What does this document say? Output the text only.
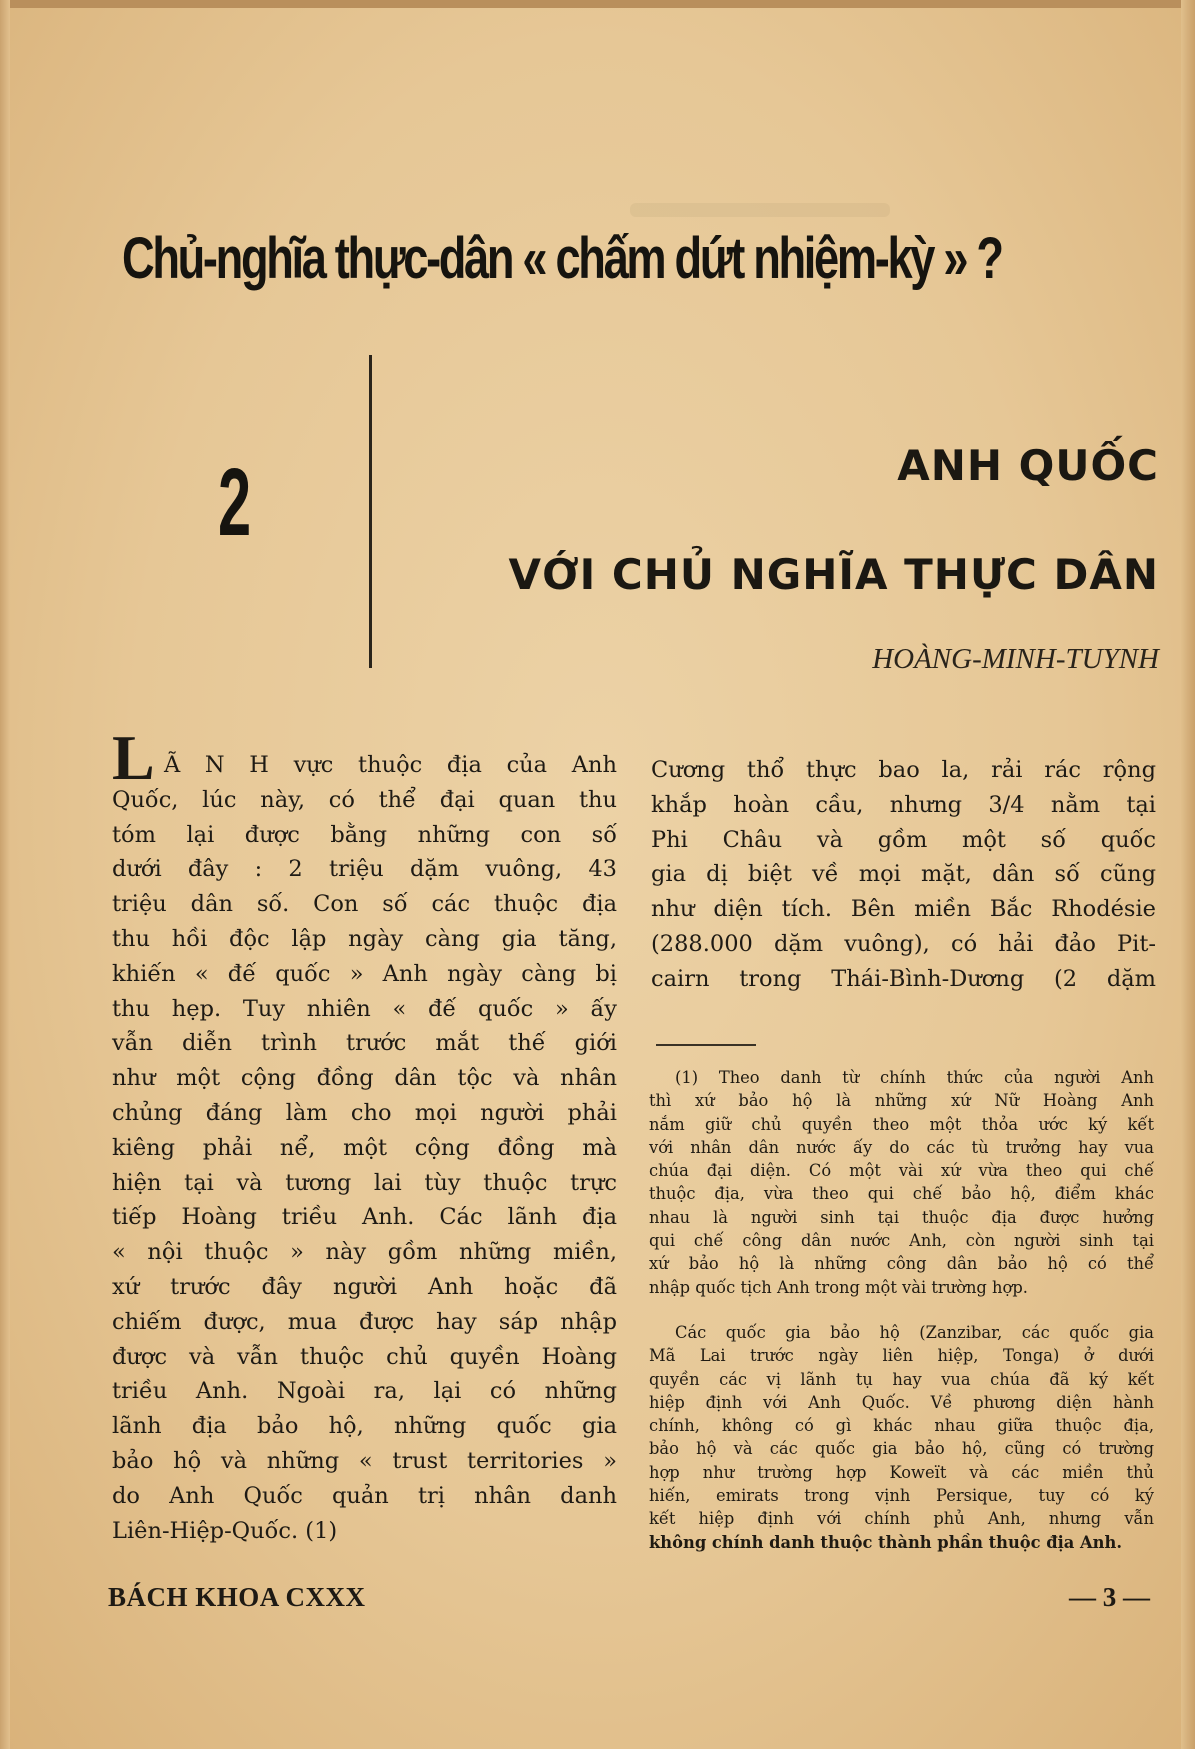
Chủ-nghĩa thực-dân « chấm dứt nhiệm-kỳ » ?
2	ANH QUỐC
VỚI CHỦ NGHĨA THỰC DÂN
HOÀNG-MINH-TUYNH
L Ã N H vực thuộc địa của Anh
Quốc, lúc này, có thể đại quan thu
tóm lại được bằng những con số
dưới đây : 2 triệu dặm vuông, 43
triệu dân số. Con số các thuộc địa
thu hồi độc lập ngày càng gia tăng,
khiến « đế quốc » Anh ngày càng bị
thu hẹp. Tuy nhiên « đế quốc » ấy
vẫn diễn trình trước mắt thế giới
như một cộng đồng dân tộc và nhân
chủng đáng làm cho mọi người phải
kiêng phải nể, một cộng đồng mà
hiện tại và tương lai tùy thuộc trực
tiếp Hoàng triều Anh. Các lãnh địa
« nội thuộc » này gồm những miền,
xứ trước đây người Anh hoặc đã
chiếm được, mua được hay sáp nhập
được và vẫn thuộc chủ quyền Hoàng
triều Anh. Ngoài ra, lại có những
lãnh địa bảo hộ, những quốc gia
bảo hộ và những « trust territories »
do Anh Quốc quản trị nhân danh
Liên-Hiệp-Quốc. (1)
Cương thổ thực bao la, rải rác rộng
khắp hoàn cầu, nhưng 3/4 nằm tại
Phi Châu và gồm một số quốc
gia dị biệt về mọi mặt, dân số cũng
như diện tích. Bên miền Bắc Rhodésie
(288.000 dặm vuông), có hải đảo Pit-
cairn trong Thái-Bình-Dương (2 dặm
(1) Theo danh từ chính thức của người Anh
thì xứ bảo hộ là những xứ Nữ Hoàng Anh
nắm giữ chủ quyền theo một thỏa ước ký kết
với nhân dân nước ấy do các tù trưởng hay vua
chúa đại diện. Có một vài xứ vừa theo qui chế
thuộc địa, vừa theo qui chế bảo hộ, điểm khác
nhau là người sinh tại thuộc địa được hưởng
qui chế công dân nước Anh, còn người sinh tại
xứ bảo hộ là những công dân bảo hộ có thể
nhập quốc tịch Anh trong một vài trường hợp.
Các quốc gia bảo hộ (Zanzibar, các quốc gia
Mã Lai trước ngày liên hiệp, Tonga) ở dưới
quyền các vị lãnh tụ hay vua chúa đã ký kết
hiệp định với Anh Quốc. Về phương diện hành
chính, không có gì khác nhau giữa thuộc địa,
bảo hộ và các quốc gia bảo hộ, cũng có trường
hợp như trường hợp Koweït và các miền thủ
hiến, emirats trong vịnh Persique, tuy có ký
kết hiệp định với chính phủ Anh, nhưng vẫn
không chính danh thuộc thành phần thuộc địa Anh.
BÁCH KHOA CXXX	— 3 —
